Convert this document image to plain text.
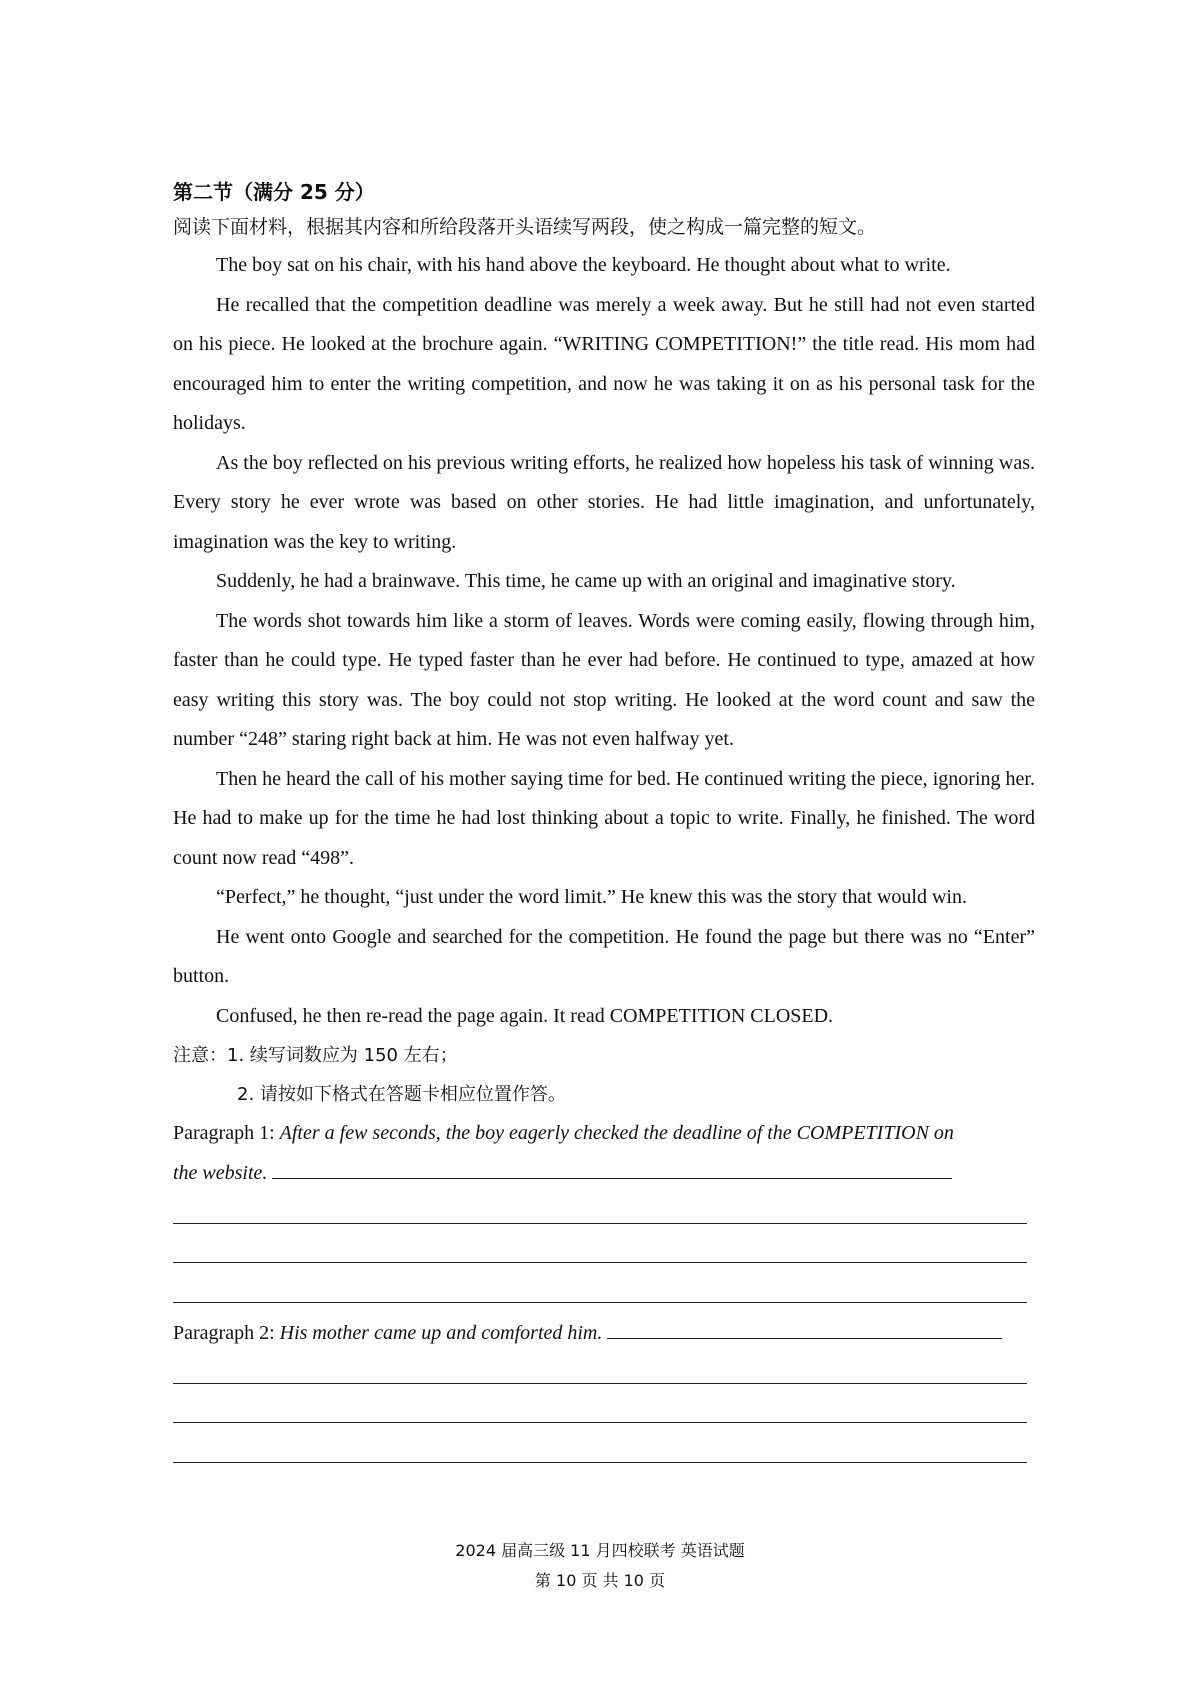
第二节（满分 25 分）

阅读下面材料，根据其内容和所给段落开头语续写两段，使之构成一篇完整的短文。

The boy sat on his chair, with his hand above the keyboard. He thought about what to write.

He recalled that the competition deadline was merely a week away. But he still had not even started on his piece. He looked at the brochure again. “WRITING COMPETITION!” the title read. His mom had encouraged him to enter the writing competition, and now he was taking it on as his personal task for the holidays.

As the boy reflected on his previous writing efforts, he realized how hopeless his task of winning was. Every story he ever wrote was based on other stories. He had little imagination, and unfortunately, imagination was the key to writing.

Suddenly, he had a brainwave. This time, he came up with an original and imaginative story.

The words shot towards him like a storm of leaves. Words were coming easily, flowing through him, faster than he could type. He typed faster than he ever had before. He continued to type, amazed at how easy writing this story was. The boy could not stop writing. He looked at the word count and saw the number “248” staring right back at him. He was not even halfway yet.

Then he heard the call of his mother saying time for bed. He continued writing the piece, ignoring her. He had to make up for the time he had lost thinking about a topic to write. Finally, he finished. The word count now read “498”.

“Perfect,” he thought, “just under the word limit.” He knew this was the story that would win.

He went onto Google and searched for the competition. He found the page but there was no “Enter” button.

Confused, he then re-read the page again. It read COMPETITION CLOSED.

注意： 1. 续写词数应为 150 左右；
2. 请按如下格式在答题卡相应位置作答。
Paragraph 1: After a few seconds, the boy eagerly checked the deadline of the COMPETITION on
the website.
Paragraph 2: His mother came up and comforted him.
2024 届高三级 11 月四校联考 英语试题
第 10 页 共 10 页
